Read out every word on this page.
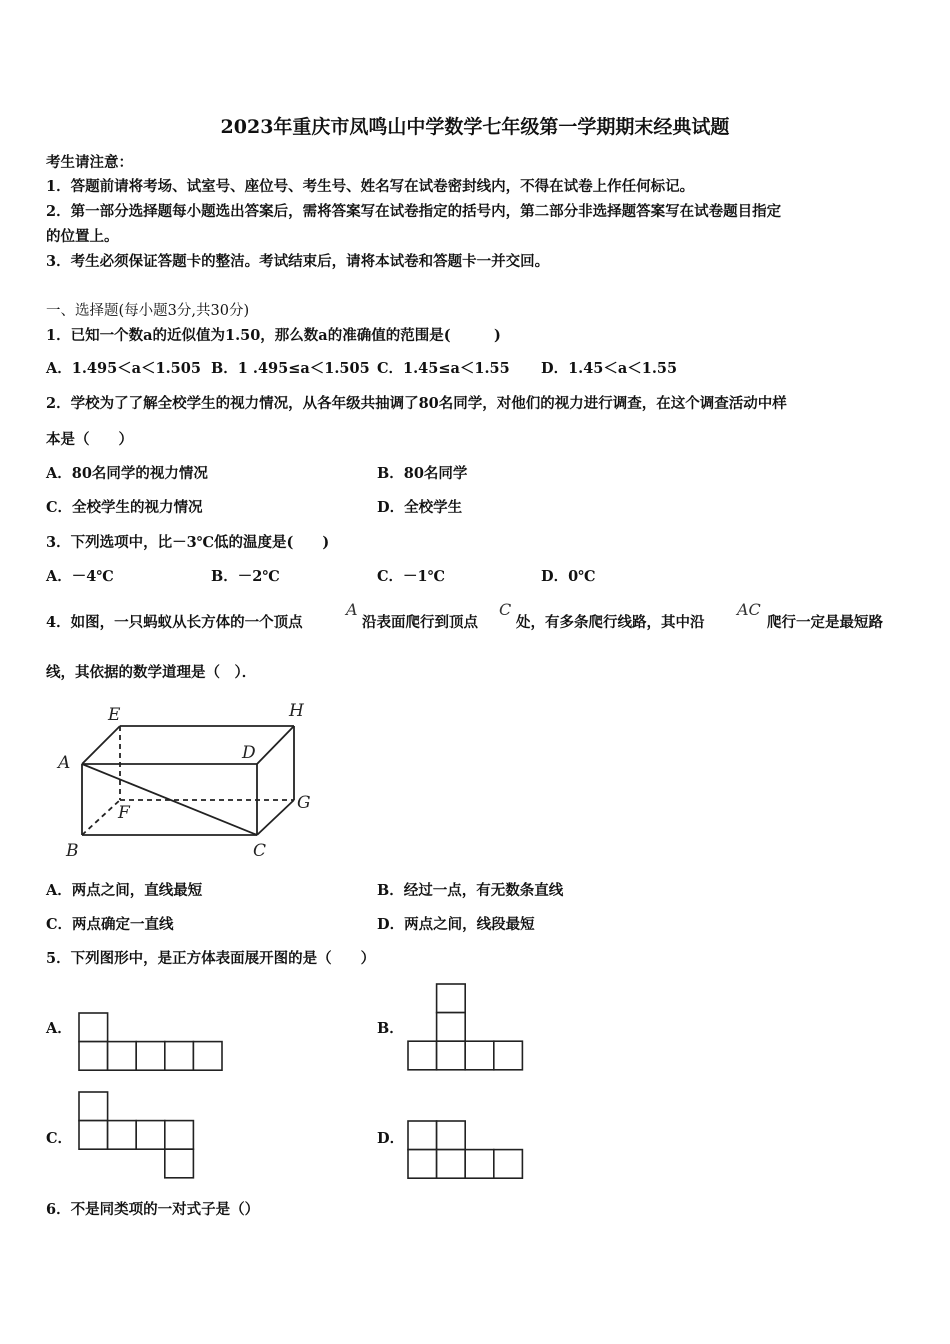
2023年重庆市凤鸣山中学数学七年级第一学期期末经典试题
考生请注意：
1．答题前请将考场、试室号、座位号、考生号、姓名写在试卷密封线内，不得在试卷上作任何标记。
2．第一部分选择题每小题选出答案后，需将答案写在试卷指定的括号内，第二部分非选择题答案写在试卷题目指定
的位置上。
3．考生必须保证答题卡的整洁。考试结束后，请将本试卷和答题卡一并交回。
一、选择题(每小题3分,共30分)
1．已知一个数a的近似值为1.50，那么数a的准确值的范围是(　　　)
A．1.495＜a＜1.505 B．1 .495≤a＜1.505 C．1.45≤a＜1.55 D．1.45＜a＜1.55
2．学校为了了解全校学生的视力情况，从各年级共抽调了80名同学，对他们的视力进行调查，在这个调查活动中样
本是（　　）
A．80名同学的视力情况	B．80名同学
C．全校学生的视力情况	D．全校学生
3．下列选项中，比－3℃低的温度是(　　)
A．－4℃	B．－2℃	C．－1℃	D．0℃
4．如图，一只蚂蚁从长方体的一个顶点
A
沿表面爬行到顶点
C
处，有多条爬行线路，其中沿
AC
爬行一定是最短路
线，其依据的数学道理是（　）．
A
B	C
D
E
F	G
H
A．两点之间，直线最短	B．经过一点，有无数条直线
C．两点确定一直线	D．两点之间，线段最短
5．下列图形中，是正方体表面展开图的是（　　）
A．	B．
C．	D．
6．不是同类项的一对式子是（）
